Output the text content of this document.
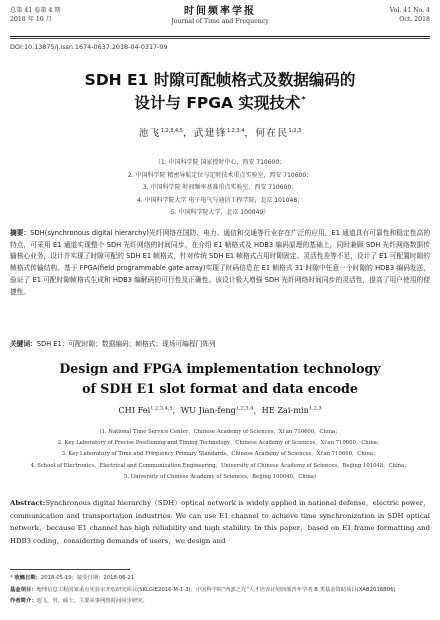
总第 41 卷第 4 期
2018 年 10 月
时间频率学报
Journal of Time and Frequency
Vol. 41 No. 4
Oct. 2018
DOI:10.13875/j.issn.1674-0637.2018-04-0317-09
SDH E1 时隙可配帧格式及数据编码的
设计与 FPGA 实现技术*
池飞$^{1,2,3,4,5}$，武建锋$^{1,2,3,4}$，何在民$^{1,2,3}$
（1. 中国科学院 国家授时中心，西安 710600；
2. 中国科学院 精密导航定位与定时技术重点实验室，西安 710600；
3. 中国科学院 时间频率基准重点实验室，西安 710600；
4. 中国科学院大学 电子电气与通信工程学院，北京 101048；
5. 中国科学院大学，北京 100049）
摘要：SDH(synchronous digital hierarchy)光纤网络在国防、电力、通信和交通等行业存在广泛的应用，E1 通道具有可靠性和稳定性高的特点，可采用 E1 通道实现整个 SDH 光纤网络的时间同步。在介绍 E1 帧格式及 HDB3 编码原理的基础上，同时兼顾 SDH 光纤网络数据传输核心业务，设计并实现了时隙可配的 SDH E1 帧格式，针对传统 SDH E1 帧格式占用时隙固定、灵活性差等不足，设计了 E1 可配置时隙的帧格式传输结构。基于 FPGA(field programmable gate array)实现了时码信息在 E1 帧格式 31 时隙中任意一个时隙的 HDB3 编码发送，验证了 E1 可配时隙帧格式生成和 HDB3 编解码的可行性及正确性。该设计极大增强 SDH 光纤网络时间同步的灵活性，提高了用户使用的便捷性。
关键词：SDH E1；可配时隙；数据编码；帧格式；现场可编程门阵列
Design and FPGA implementation technology
of SDH E1 slot format and data encode
CHI Fei$^{1,2,3,4,5}$，WU Jian-feng$^{1,2,3,4}$，HE Zai-$\min^{1,2,3}$
(1. National Time Service Center，Chinese Academy of Sciences，Xi'an 710600，China；
2. Key Laboratory of Precise Positioning and Timing Technology，Chinese Academy of Sciences，Xi'an 710600，China；
3. Key Laboratory of Time and Frequency Primary Standards，Chinese Academy of Sciences，Xi'an 710600，China；
4. School of Electronics，Electrical and Communication Engineering，University of Chinese Academy of Sciences，Beijing 101048，China；
5. University of Chinese Academy of Sciences，Beijing 100049，China)
Abstract:Synchronous digital hierarchy（SDH）optical network is widely applied in national defense，electric power，communication and transportation industries. We can use E1 channel to achieve time synchronization in SDH optical network，because E1 channel has high reliability and high stability. In this paper，based on E1 frame formatting and HDB3 coding，considering demands of users，we design and
* 收稿日期：2018-05-19；接受日期：2018-06-21
基金项目：地理信息工程国家重点实验室开放研究项目(SKLGIE2016-M-1-3)；中国科学院“西部之光”人才培养计划西部青年学者 B 类基金资助项目(XAB2016B06)
作者简介：池飞，男，硕士，主要从事网络时间同步研究。
